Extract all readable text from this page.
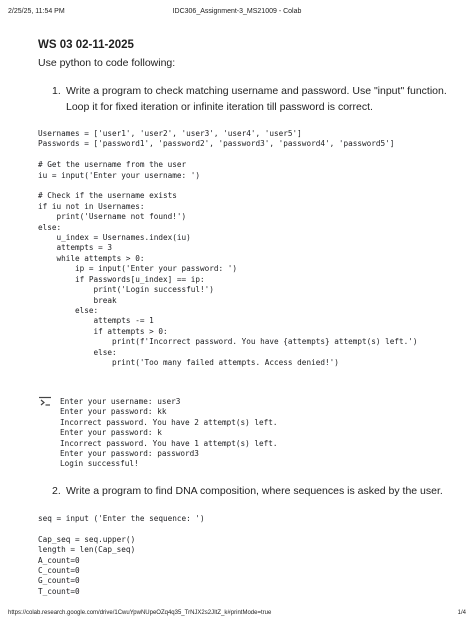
2/25/25, 11:54 PM	IDC306_Assignment-3_MS21009 - Colab
WS 03 02-11-2025
Use python to code following:
1. Write a program to check matching username and password. Use "input" function. Loop it for fixed iteration or infinite iteration till password is correct.
Usernames = ['user1', 'user2', 'user3', 'user4', 'user5']
Passwords = ['password1', 'password2', 'password3', 'password4', 'password5']

# Get the username from the user
iu = input('Enter your username: ')

# Check if the username exists
if iu not in Usernames:
print('Username not found!')
else:
u_index = Usernames.index(iu)
attempts = 3
while attempts > 0:
ip = input('Enter your password: ')
if Passwords[u_index] == ip:
print('Login successful!')
break
else:
attempts -= 1
if attempts > 0:
print(f'Incorrect password. You have {attempts} attempt(s) left.')
else:
print('Too many failed attempts. Access denied!')
Enter your username: user3
Enter your password: kk
Incorrect password. You have 2 attempt(s) left.
Enter your password: k
Incorrect password. You have 1 attempt(s) left.
Enter your password: password3
Login successful!
2. Write a program to find DNA composition, where sequences is asked by the user.
seq = input ('Enter the sequence: ')

Cap_seq = seq.upper()
length = len(Cap_seq)
A_count=0
C_count=0
G_count=0
T_count=0
https://colab.research.google.com/drive/1CwuYpwNUpeOZq4q35_TrNJX2s2JItZ_k#printMode=true	1/4
